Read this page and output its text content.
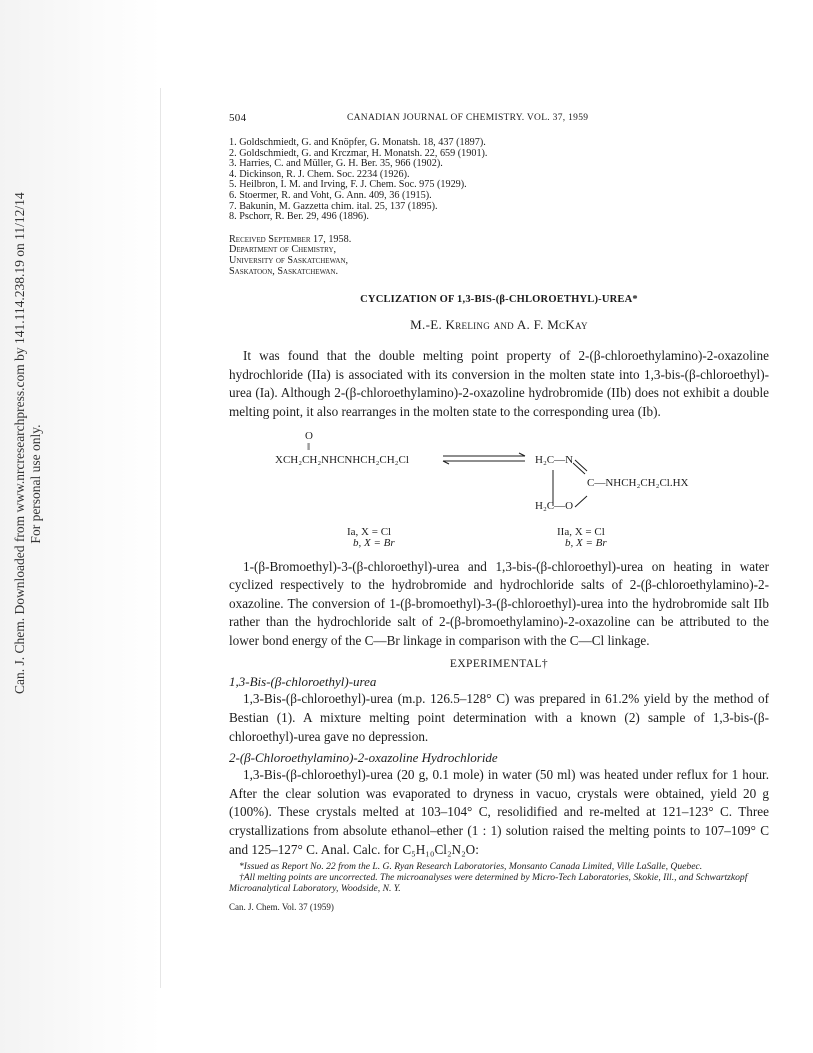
Can. J. Chem. Downloaded from www.nrcresearchpress.com by 141.114.238.19 on 11/12/14 For personal use only.
504	CANADIAN JOURNAL OF CHEMISTRY. VOL. 37, 1959
1. Goldschmiedt, G. and Knöpfer, G. Monatsh. 18, 437 (1897).
2. Goldschmiedt, G. and Krczmar, H. Monatsh. 22, 659 (1901).
3. Harries, C. and Müller, G. H. Ber. 35, 966 (1902).
4. Dickinson, R. J. Chem. Soc. 2234 (1926).
5. Heilbron, I. M. and Irving, F. J. Chem. Soc. 975 (1929).
6. Stoermer, R. and Voht, G. Ann. 409, 36 (1915).
7. Bakunin, M. Gazzetta chim. ital. 25, 137 (1895).
8. Pschorr, R. Ber. 29, 496 (1896).
Received September 17, 1958.
Department of Chemistry,
University of Saskatchewan,
Saskatoon, Saskatchewan.
CYCLIZATION OF 1,3-BIS-(β-CHLOROETHYL)-UREA*
M.-E. Kreling and A. F. McKay

It was found that the double melting point property of 2-(β-chloroethylamino)-2-oxazoline hydrochloride (IIa) is associated with its conversion in the molten state into 1,3-bis-(β-chloroethyl)-urea (Ia). Although 2-(β-chloroethylamino)-2-oxazoline hydrobromide (IIb) does not exhibit a double melting point, it also rearranges in the molten state to the corresponding urea (Ib).

O
‖
XCH₂CH₂NHCNHCH₂CH₂Cl	H₂C—N
C—NHCH₂CH₂Cl.HX
H₂C—O
Ia, X = Cl
b, X = Br
IIa, X = Cl
b, X = Br

1-(β-Bromoethyl)-3-(β-chloroethyl)-urea and 1,3-bis-(β-chloroethyl)-urea on heating in water cyclized respectively to the hydrobromide and hydrochloride salts of 2-(β-chloroethylamino)-2-oxazoline. The conversion of 1-(β-bromoethyl)-3-(β-chloroethyl)-urea into the hydrobromide salt IIb rather than the hydrochloride salt of 2-(β-bromoethylamino)-2-oxazoline can be attributed to the lower bond energy of the C—Br linkage in comparison with the C—Cl linkage.

EXPERIMENTAL†
1,3-Bis-(β-chloroethyl)-urea

1,3-Bis-(β-chloroethyl)-urea (m.p. 126.5–128° C) was prepared in 61.2% yield by the method of Bestian (1). A mixture melting point determination with a known (2) sample of 1,3-bis-(β-chloroethyl)-urea gave no depression.

2-(β-Chloroethylamino)-2-oxazoline Hydrochloride

1,3-Bis-(β-chloroethyl)-urea (20 g, 0.1 mole) in water (50 ml) was heated under reflux for 1 hour. After the clear solution was evaporated to dryness in vacuo, crystals were obtained, yield 20 g (100%). These crystals melted at 103–104° C, resolidified and re-melted at 121–123° C. Three crystallizations from absolute ethanol–ether (1 : 1) solution raised the melting points to 107–109° C and 125–127° C. Anal. Calc. for C₅H₁₀Cl₂N₂O:

*Issued as Report No. 22 from the L. G. Ryan Research Laboratories, Monsanto Canada Limited, Ville LaSalle, Quebec.

†All melting points are uncorrected. The microanalyses were determined by Micro-Tech Laboratories, Skokie, Ill., and Schwartzkopf Microanalytical Laboratory, Woodside, N. Y.

Can. J. Chem. Vol. 37 (1959)
